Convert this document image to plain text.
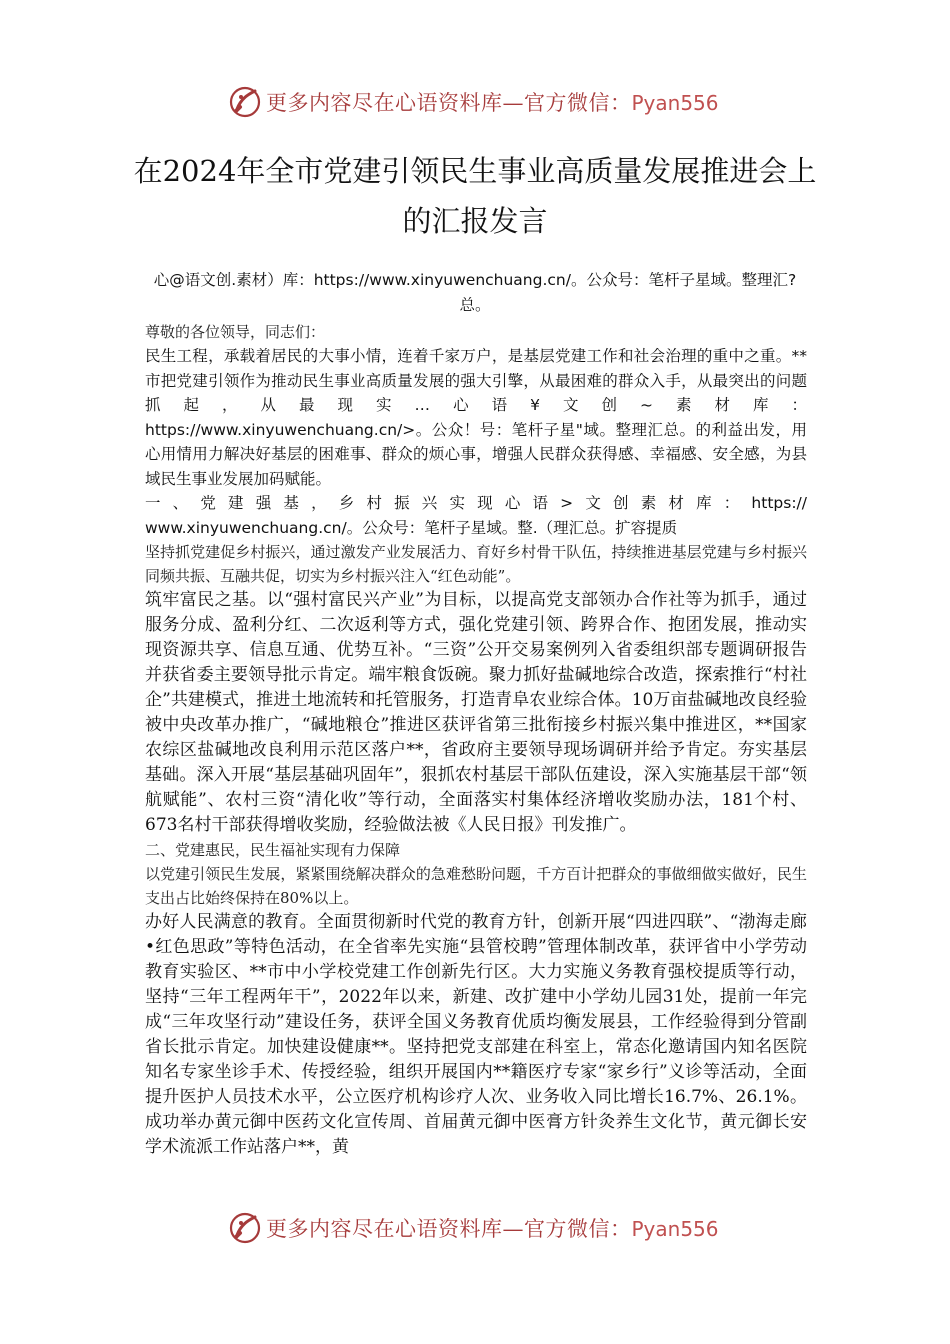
更多内容尽在心语资料库—官方微信：Pyan556
在2024年全市党建引领民生事业高质量发展推进会上的汇报发言
心@语文创.素材）库：https://www.xinyuwenchuang.cn/。公众号：笔杆子星域。整理汇?总。

尊敬的各位领导，同志们：

民生工程，承载着居民的大事小情，连着千家万户，是基层党建工作和社会治理的重中之重。**市把党建引领作为推动民生事业高质量发展的强大引擎，从最困难的群众入手，从最突出的问题抓起，从最现实…心语¥文创~素材库：

https://www.xinyuwenchuang.cn/>。公众！号：笔杆子星"域。整理汇总。的利益出发，用心用情用力解决好基层的困难事、群众的烦心事，增强人民群众获得感、幸福感、安全感，为县域民生事业发展加码赋能。

一、党建强基，乡村振兴实现心语>文创素材库：https://

www.xinyuwenchuang.cn/。公众号：笔杆子星域。整.（理汇总。扩容提质

坚持抓党建促乡村振兴，通过激发产业发展活力、育好乡村骨干队伍，持续推进基层党建与乡村振兴同频共振、互融共促，切实为乡村振兴注入“红色动能”。

筑牢富民之基。以“强村富民兴产业”为目标，以提高党支部领办合作社等为抓手，通过服务分成、盈利分红、二次返利等方式，强化党建引领、跨界合作、抱团发展，推动实现资源共享、信息互通、优势互补。“三资”公开交易案例列入省委组织部专题调研报告并获省委主要领导批示肯定。端牢粮食饭碗。聚力抓好盐碱地综合改造，探索推行“村社企”共建模式，推进土地流转和托管服务，打造青阜农业综合体。10万亩盐碱地改良经验被中央改革办推广，“碱地粮仓”推进区获评省第三批衔接乡村振兴集中推进区，**国家农综区盐碱地改良利用示范区落户**，省政府主要领导现场调研并给予肯定。夯实基层基础。深入开展“基层基础巩固年”，狠抓农村基层干部队伍建设，深入实施基层干部“领航赋能”、农村三资“清化收”等行动，全面落实村集体经济增收奖励办法，181个村、673名村干部获得增收奖励，经验做法被《人民日报》刊发推广。

二、党建惠民，民生福祉实现有力保障

以党建引领民生发展，紧紧围绕解决群众的急难愁盼问题，千方百计把群众的事做细做实做好，民生支出占比始终保持在80%以上。

办好人民满意的教育。全面贯彻新时代党的教育方针，创新开展“四进四联”、“渤海走廊•红色思政”等特色活动，在全省率先实施“县管校聘”管理体制改革，获评省中小学劳动教育实验区、**市中小学校党建工作创新先行区。大力实施义务教育强校提质等行动，坚持“三年工程两年干”，2022年以来，新建、改扩建中小学幼儿园31处，提前一年完成“三年攻坚行动”建设任务，获评全国义务教育优质均衡发展县，工作经验得到分管副省长批示肯定。加快建设健康**。坚持把党支部建在科室上，常态化邀请国内知名医院知名专家坐诊手术、传授经验，组织开展国内**籍医疗专家“家乡行”义诊等活动，全面提升医护人员技术水平，公立医疗机构诊疗人次、业务收入同比增长16.7%、26.1%。成功举办黄元御中医药文化宣传周、首届黄元御中医膏方针灸养生文化节，黄元御长安学术流派工作站落户**，黄

更多内容尽在心语资料库—官方微信：Pyan556
